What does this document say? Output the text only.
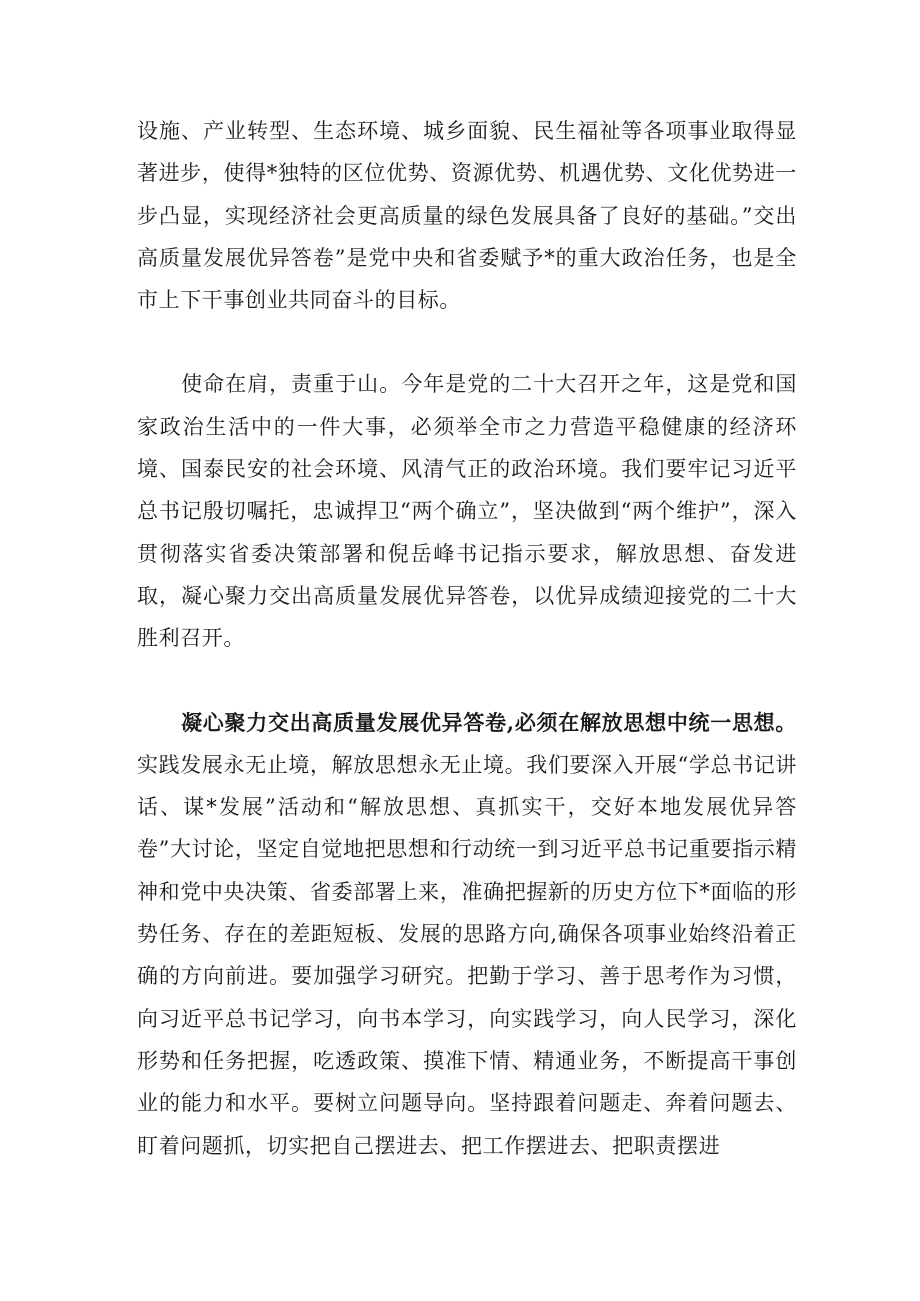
设施、产业转型、生态环境、城乡面貌、民生福祉等各项事业取得显著进步，使得*独特的区位优势、资源优势、机遇优势、文化优势进一步凸显，实现经济社会更高质量的绿色发展具备了良好的基础。”交出高质量发展优异答卷”是党中央和省委赋予*的重大政治任务，也是全市上下干事创业共同奋斗的目标。

使命在肩，责重于山。今年是党的二十大召开之年，这是党和国家政治生活中的一件大事，必须举全市之力营造平稳健康的经济环境、国泰民安的社会环境、风清气正的政治环境。我们要牢记习近平总书记殷切嘱托，忠诚捍卫“两个确立”，坚决做到“两个维护”，深入贯彻落实省委决策部署和倪岳峰书记指示要求，解放思想、奋发进取，凝心聚力交出高质量发展优异答卷，以优异成绩迎接党的二十大胜利召开。

凝心聚力交出高质量发展优异答卷,必须在解放思想中统一思想。实践发展永无止境，解放思想永无止境。我们要深入开展“学总书记讲话、谋*发展”活动和“解放思想、真抓实干，交好本地发展优异答卷”大讨论，坚定自觉地把思想和行动统一到习近平总书记重要指示精神和党中央决策、省委部署上来，准确把握新的历史方位下*面临的形势任务、存在的差距短板、发展的思路方向,确保各项事业始终沿着正确的方向前进。要加强学习研究。把勤于学习、善于思考作为习惯，向习近平总书记学习，向书本学习，向实践学习，向人民学习，深化形势和任务把握，吃透政策、摸准下情、精通业务，不断提高干事创业的能力和水平。要树立问题导向。坚持跟着问题走、奔着问题去、盯着问题抓，切实把自己摆进去、把工作摆进去、把职责摆进
